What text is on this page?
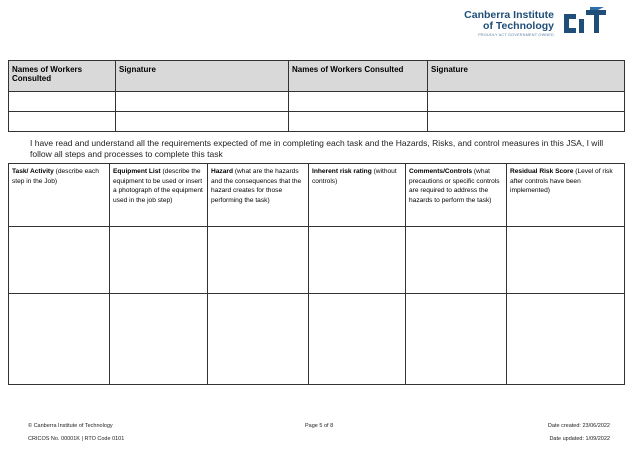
Canberra Institute
of Technology
PROUDLY ACT GOVERNMENT OWNED
Names of Workers Consulted	Signature	Names of Workers Consulted	Signature

I have read and understand all the requirements expected of me in completing each task and the Hazards, Risks, and control measures in this JSA, I will follow all steps and processes to complete this task
Task/ Activity (describe each step in the Job)	Equipment List (describe the equipment to be used or insert a photograph of the equipment used in the job step)	Hazard (what are the hazards and the consequences that the hazard creates for those performing the task)	Inherent risk rating (without controls)	Comments/Controls (what precautions or specific controls are required to address the hazards to perform the task)	Residual Risk Score (Level of risk after controls have been implemented)

© Canberra Institute of Technology
CRICOS No. 00001K | RTO Code 0101
Page 5 of 8	Date created: 23/06/2022
Date updated: 1/09/2022
